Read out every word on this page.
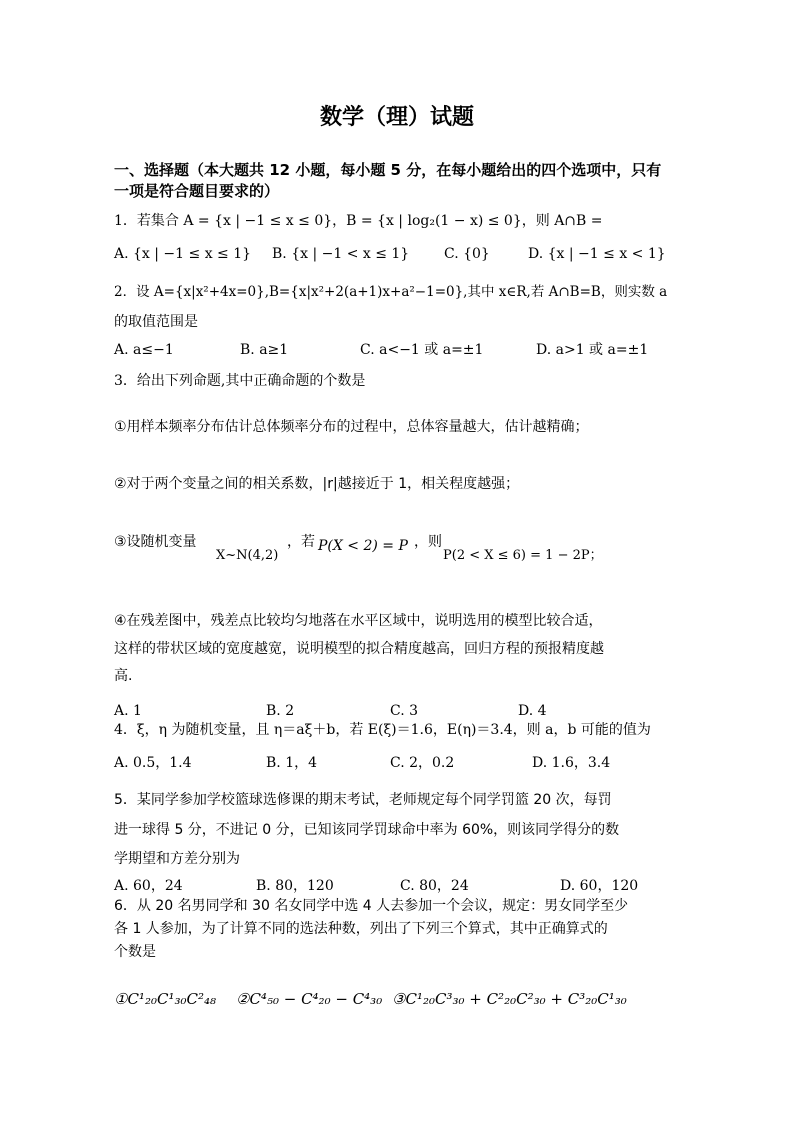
数学（理）试题
一、选择题（本大题共 12 小题，每小题 5 分，在每小题给出的四个选项中，只有
一项是符合题目要求的）
1．若集合 A = {x | −1 ≤ x ≤ 0}，B = {x | log₂(1 − x) ≤ 0}，则 A∩B =
A. {x | −1 ≤ x ≤ 1} B. {x | −1 < x ≤ 1} C. {0}	D. {x | −1 ≤ x < 1}
2．设 A={x|x²+4x=0},B={x|x²+2(a+1)x+a²−1=0},其中 x∈R,若 A∩B=B，则实数 a
的取值范围是
A. a≤−1	B. a≥1	C. a<−1 或 a=±1	D. a>1 或 a=±1
3．给出下列命题,其中正确命题的个数是
①用样本频率分布估计总体频率分布的过程中，总体容量越大，估计越精确；
②对于两个变量之间的相关系数，|r|越接近于 1，相关程度越强；
③设随机变量
X~N(4,2)
，若 P(X < 2) = P ，则
P(2 < X ≤ 6) = 1 − 2P；
④在残差图中，残差点比较均匀地落在水平区域中，说明选用的模型比较合适，
这样的带状区域的宽度越宽，说明模型的拟合精度越高，回归方程的预报精度越
高.
A. 1	B. 2	C. 3	D. 4
4．ξ，η 为随机变量，且 η＝aξ＋b，若 E(ξ)＝1.6，E(η)＝3.4，则 a，b 可能的值为
A. 0.5，1.4	B. 1，4	C. 2，0.2	D. 1.6，3.4
5．某同学参加学校篮球选修课的期末考试，老师规定每个同学罚篮 20 次，每罚
进一球得 5 分，不进记 0 分，已知该同学罚球命中率为 60%，则该同学得分的数
学期望和方差分别为
A. 60，24	B. 80，120	C. 80，24	D. 60，120
6．从 20 名男同学和 30 名女同学中选 4 人去参加一个会议，规定：男女同学至少
各 1 人参加，为了计算不同的选法种数，列出了下列三个算式，其中正确算式的
个数是
①C¹₂₀C¹₃₀C²₄₈ ②C⁴₅₀ − C⁴₂₀ − C⁴₃₀ ③C¹₂₀C³₃₀ + C²₂₀C²₃₀ + C³₂₀C¹₃₀
